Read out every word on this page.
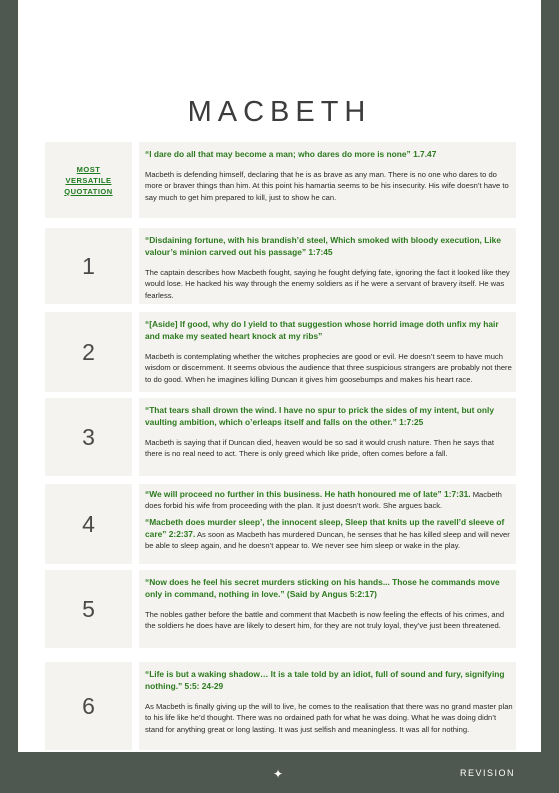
MACBETH
MOST
VERSATILE
QUOTATION
“I dare do all that may become a man; who dares do more is none” 1.7.47
Macbeth is defending himself, declaring that he is as brave as any man. There is no one who dares to do more or braver things than him. At this point his hamartia seems to be his insecurity. His wife doesn’t have to say much to get him prepared to kill, just to show he can.
1
“Disdaining fortune, with his brandish’d steel, Which smoked with bloody execution, Like valour’s minion carved out his passage” 1:7:45
The captain describes how Macbeth fought, saying he fought defying fate, ignoring the fact it looked like they would lose. He hacked his way through the enemy soldiers as if he were a servant of bravery itself. He was fearless.
2
“[Aside] If good, why do I yield to that suggestion whose horrid image doth unfix my hair and make my seated heart knock at my ribs”
Macbeth is contemplating whether the witches prophecies are good or evil. He doesn’t seem to have much wisdom or discernment. It seems obvious the audience that three suspicious strangers are probably not there to do good. When he imagines killing Duncan it gives him goosebumps and makes his heart race.
3
“That tears shall drown the wind. I have no spur to prick the sides of my intent, but only vaulting ambition, which o’erleaps itself and falls on the other.” 1:7:25
Macbeth is saying that if Duncan died, heaven would be so sad it would crush nature. Then he says that there is no real need to act. There is only greed which like pride, often comes before a fall.
4
“We will proceed no further in this business. He hath honoured me of late” 1:7:31. Macbeth does forbid his wife from proceeding with the plan. It just doesn’t work. She argues back.
“Macbeth does murder sleep’, the innocent sleep, Sleep that knits up the ravell’d sleeve of care” 2:2:37. As soon as Macbeth has murdered Duncan, he senses that he has killed sleep and will never be able to sleep again, and he doesn’t appear to. We never see him sleep or wake in the play.
5
“Now does he feel his secret murders sticking on his hands... Those he commands move only in command, nothing in love.” (Said by Angus 5:2:17)
The nobles gather before the battle and comment that Macbeth is now feeling the effects of his crimes, and the soldiers he does have are likely to desert him, for they are not truly loyal, they’ve just been threatened.
6
“Life is but a waking shadow… It is a tale told by an idiot, full of sound and fury, signifying nothing.” 5:5: 24-29
As Macbeth is finally giving up the will to live, he comes to the realisation that there was no grand master plan to his life like he’d thought. There was no ordained path for what he was doing. What he was doing didn’t stand for anything great or long lasting. It was just selfish and meaningless. It was all for nothing.
✦	REVISION
